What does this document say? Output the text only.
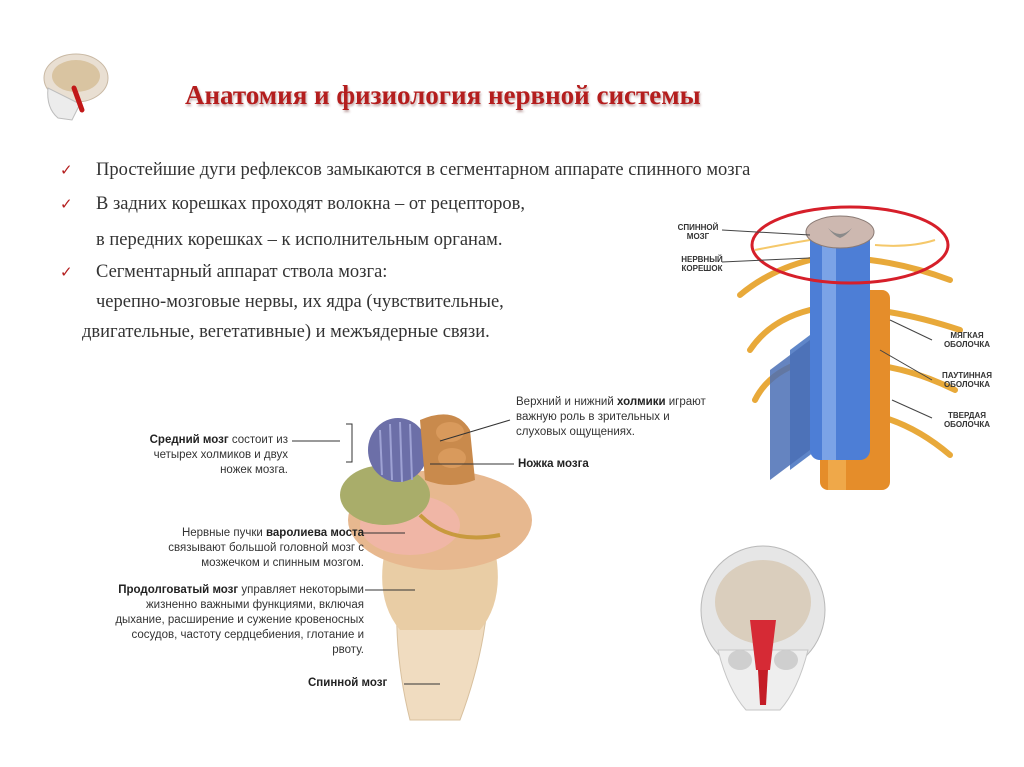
Анатомия и физиология нервной системы
✓ Простейшие дуги рефлексов замыкаются в сегментарном аппарате спинного мозга
✓ В задних корешках проходят волокна – от рецепторов,
в передних корешках – к исполнительным органам.
✓ Сегментарный аппарат ствола мозга:
черепно-мозговые нервы, их ядра (чувствительные,
двигательные, вегетативные) и межъядерные связи.
СПИННОЙ
МОЗГ
НЕРВНЫЙ
КОРЕШОК
МЯГКАЯ
ОБОЛОЧКА
ПАУТИННАЯ
ОБОЛОЧКА
ТВЕРДАЯ
ОБОЛОЧКА
Средний мозг состоит из
четырех холмиков и двух
ножек мозга.
Верхний и нижний холмики играют
важную роль в зрительных и
слуховых ощущениях.
Ножка мозга
Нервные пучки варолиева моста
связывают большой головной мозг с
мозжечком и спинным мозгом.
Продолговатый мозг управляет некоторыми
жизненно важными функциями, включая
дыхание, расширение и сужение кровеносных
сосудов, частоту сердцебиения, глотание и
рвоту.
Спинной мозг
